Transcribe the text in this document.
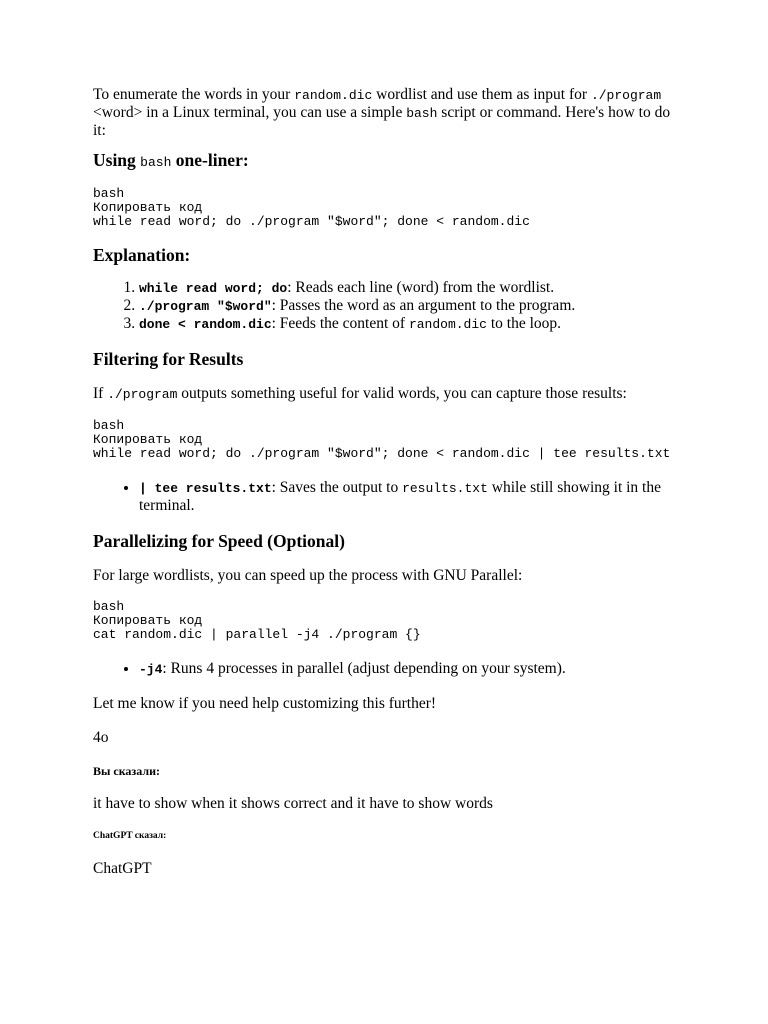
To enumerate the words in your random.dic wordlist and use them as input for ./program <word> in a Linux terminal, you can use a simple bash script or command. Here's how to do it:

Using bash one-liner:
bash
Копировать код
while read word; do ./program "$word"; done < random.dic
Explanation:
1. while read word; do: Reads each line (word) from the wordlist.
2. ./program "$word": Passes the word as an argument to the program.
3. done < random.dic: Feeds the content of random.dic to the loop.
Filtering for Results

If ./program outputs something useful for valid words, you can capture those results:

bash
Копировать код
while read word; do ./program "$word"; done < random.dic | tee results.txt
• | tee results.txt: Saves the output to results.txt while still showing it in the terminal.
Parallelizing for Speed (Optional)

For large wordlists, you can speed up the process with GNU Parallel:

bash
Копировать код
cat random.dic | parallel -j4 ./program {}
• -j4: Runs 4 processes in parallel (adjust depending on your system).

Let me know if you need help customizing this further!

4o

Вы сказали:

it have to show when it shows correct and it have to show words

ChatGPT сказал:

ChatGPT
